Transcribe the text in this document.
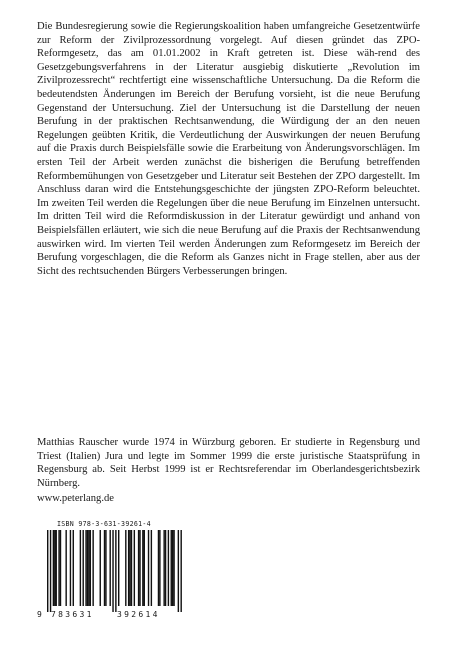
Die Bundesregierung sowie die Regierungskoalition haben umfangreiche Gesetzentwürfe zur Reform der Zivilprozessordnung vorgelegt. Auf diesen gründet das ZPO-Reformgesetz, das am 01.01.2002 in Kraft getreten ist. Diese wäh-rend des Gesetzgebungsverfahrens in der Literatur ausgiebig diskutierte „Revolution im Zivilprozessrecht“ rechtfertigt eine wissenschaftliche Untersuchung. Da die Reform die bedeutendsten Änderungen im Bereich der Berufung vorsieht, ist die neue Berufung Gegenstand der Untersuchung. Ziel der Untersuchung ist die Darstellung der neuen Berufung in der praktischen Rechtsanwendung, die Würdigung der an den neuen Regelungen geübten Kritik, die Verdeutlichung der Auswirkungen der neuen Berufung auf die Praxis durch Beispielsfälle sowie die Erarbeitung von Änderungsvorschlägen. Im ersten Teil der Arbeit werden zunächst die bisherigen die Berufung betreffenden Reformbemühungen von Gesetzgeber und Literatur seit Bestehen der ZPO dargestellt. Im Anschluss daran wird die Entstehungsgeschichte der jüngsten ZPO-Reform beleuchtet. Im zweiten Teil werden die Regelungen über die neue Berufung im Einzelnen untersucht. Im dritten Teil wird die Reformdiskussion in der Literatur gewürdigt und anhand von Beispielsfällen erläutert, wie sich die neue Berufung auf die Praxis der Rechtsanwendung auswirken wird. Im vierten Teil werden Änderungen zum Reformgesetz im Bereich der Berufung vorgeschlagen, die die Reform als Ganzes nicht in Frage stellen, aber aus der Sicht des rechtsuchenden Bürgers Verbesserungen bringen.

Matthias Rauscher wurde 1974 in Würzburg geboren. Er studierte in Regensburg und Triest (Italien) Jura und legte im Sommer 1999 die erste juristische Staatsprüfung in Regensburg ab. Seit Herbst 1999 ist er Rechtsreferendar im Oberlandesgerichtsbezirk Nürnberg.

www.peterlang.de

ISBN 978-3-631-39261-4
9 783631	392614
